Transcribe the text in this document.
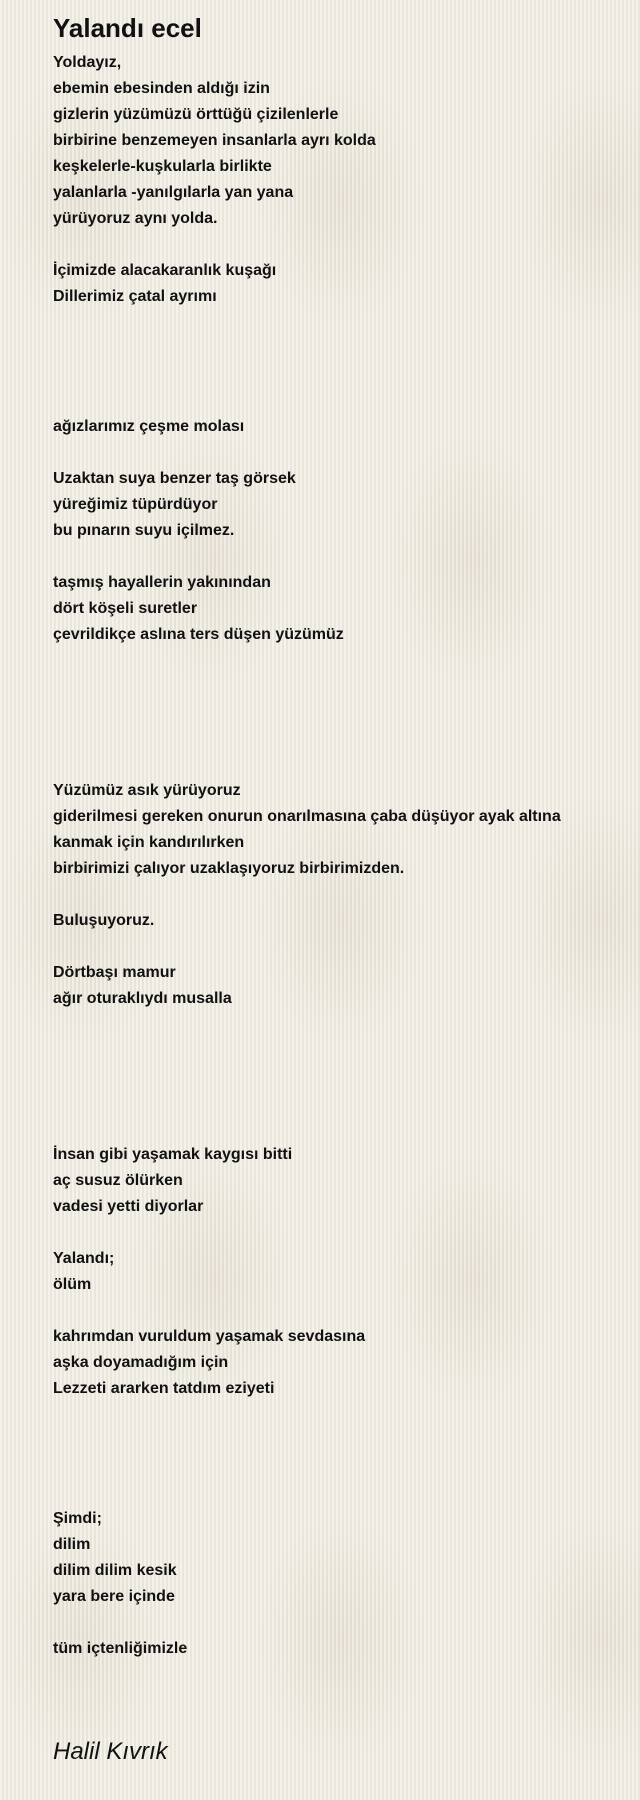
Yalandı ecel
Yoldayız,
ebemin ebesinden aldığı izin
gizlerin yüzümüzü örttüğü çizilenlerle
birbirine benzemeyen insanlarla ayrı kolda
keşkelerle-kuşkularla birlikte
yalanlarla -yanılgılarla yan yana
yürüyoruz aynı yolda.
İçimizde alacakaranlık kuşağı
Dillerimiz çatal ayrımı
ağızlarımız çeşme molası
Uzaktan suya benzer taş görsek
yüreğimiz tüpürdüyor
bu pınarın suyu içilmez.
taşmış hayallerin yakınından
dört köşeli suretler
çevrildikçe aslına ters düşen yüzümüz
Yüzümüz asık yürüyoruz
giderilmesi gereken onurun onarılmasına çaba düşüyor ayak altına
kanmak için kandırılırken
birbirimizi çalıyor uzaklaşıyoruz birbirimizden.
Buluşuyoruz.
Dörtbaşı mamur
ağır oturaklıydı musalla
İnsan gibi yaşamak kaygısı bitti
aç susuz ölürken
vadesi yetti diyorlar
Yalandı;
ölüm
kahrımdan vuruldum yaşamak sevdasına
aşka doyamadığım için
Lezzeti ararken tatdım eziyeti
Şimdi;
dilim
dilim dilim kesik
yara bere içinde
tüm içtenliğimizle

Halil Kıvrık
